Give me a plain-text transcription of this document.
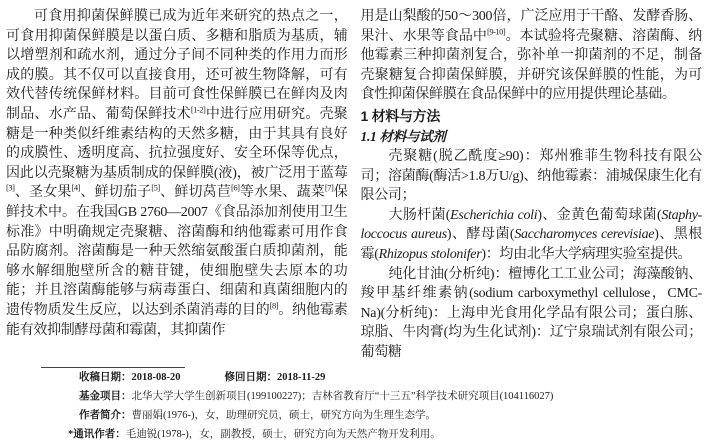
可食用抑菌保鲜膜已成为近年来研究的热点之一，可食用抑菌保鲜膜是以蛋白质、多糖和脂质为基质，辅以增塑剂和疏水剂，通过分子间不同种类的作用力而形成的膜。其不仅可以直接食用，还可被生物降解，可有效代替传统保鲜材料。目前可食性保鲜膜已在鲜肉及肉制品、水产品、葡萄保鲜技术[1-2]中进行应用研究。壳聚糖是一种类似纤维素结构的天然多糖，由于其具有良好的成膜性、透明度高、抗拉强度好、安全环保等优点，因此以壳聚糖为基质制成的保鲜膜(液)，被广泛用于蓝莓[3]、圣女果[4]、鲜切茄子[5]、鲜切莴苣[6]等水果、蔬菜[7]保鲜技术中。在我国GB 2760—2007《食品添加剂使用卫生标准》中明确规定壳聚糖、溶菌酶和纳他霉素可用作食品防腐剂。溶菌酶是一种天然缩氨酸蛋白质抑菌剂，能够水解细胞壁所含的糖苷键，使细胞壁失去原本的功能；并且溶菌酶能够与病毒蛋白、细菌和真菌细胞内的遗传物质发生反应，以达到杀菌消毒的目的[8]。纳他霉素能有效抑制酵母菌和霉菌，其抑菌作

用是山梨酸的50～300倍，广泛应用于干酪、发酵香肠、果汁、水果等食品中[9-10]。本试验将壳聚糖、溶菌酶、纳他霉素三种抑菌剂复合，弥补单一抑菌剂的不足，制备壳聚糖复合抑菌保鲜膜，并研究该保鲜膜的性能，为可食性抑菌保鲜膜在食品保鲜中的应用提供理论基础。

1 材料与方法

1.1 材料与试剂

壳聚糖(脱乙酰度≥90)：郑州雅菲生物科技有限公司；溶菌酶(酶活>1.8万U/g)、纳他霉素：浦城保康生化有限公司；

大肠杆菌(Escherichia coli)、金黄色葡萄球菌(Staphy-loccocus aureus)、酵母菌(Saccharomyces cerevisiae)、黑根霉(Rhizopus stolonifer)：均由北华大学病理实验室提供。

纯化甘油(分析纯)：檀博化工工业公司；海藻酸钠、羧甲基纤维素钠(sodium carboxymethyl cellulose，CMC-Na)(分析纯)：上海申光食用化学品有限公司；蛋白胨、琼脂、牛肉膏(均为生化试剂)：辽宁泉瑞试剂有限公司；葡萄糖

收稿日期：2018-08-20	修回日期：2018-11-29
基金项目：北华大学大学生创新项目(199100227)；吉林省教育厅“十三五”科学技术研究项目(104116027)
作者简介：曹丽娟(1976-)，女，助理研究员，硕士，研究方向为生理生态学。
*通讯作者：毛迪锐(1978-)，女，副教授，硕士，研究方向为天然产物开发利用。
